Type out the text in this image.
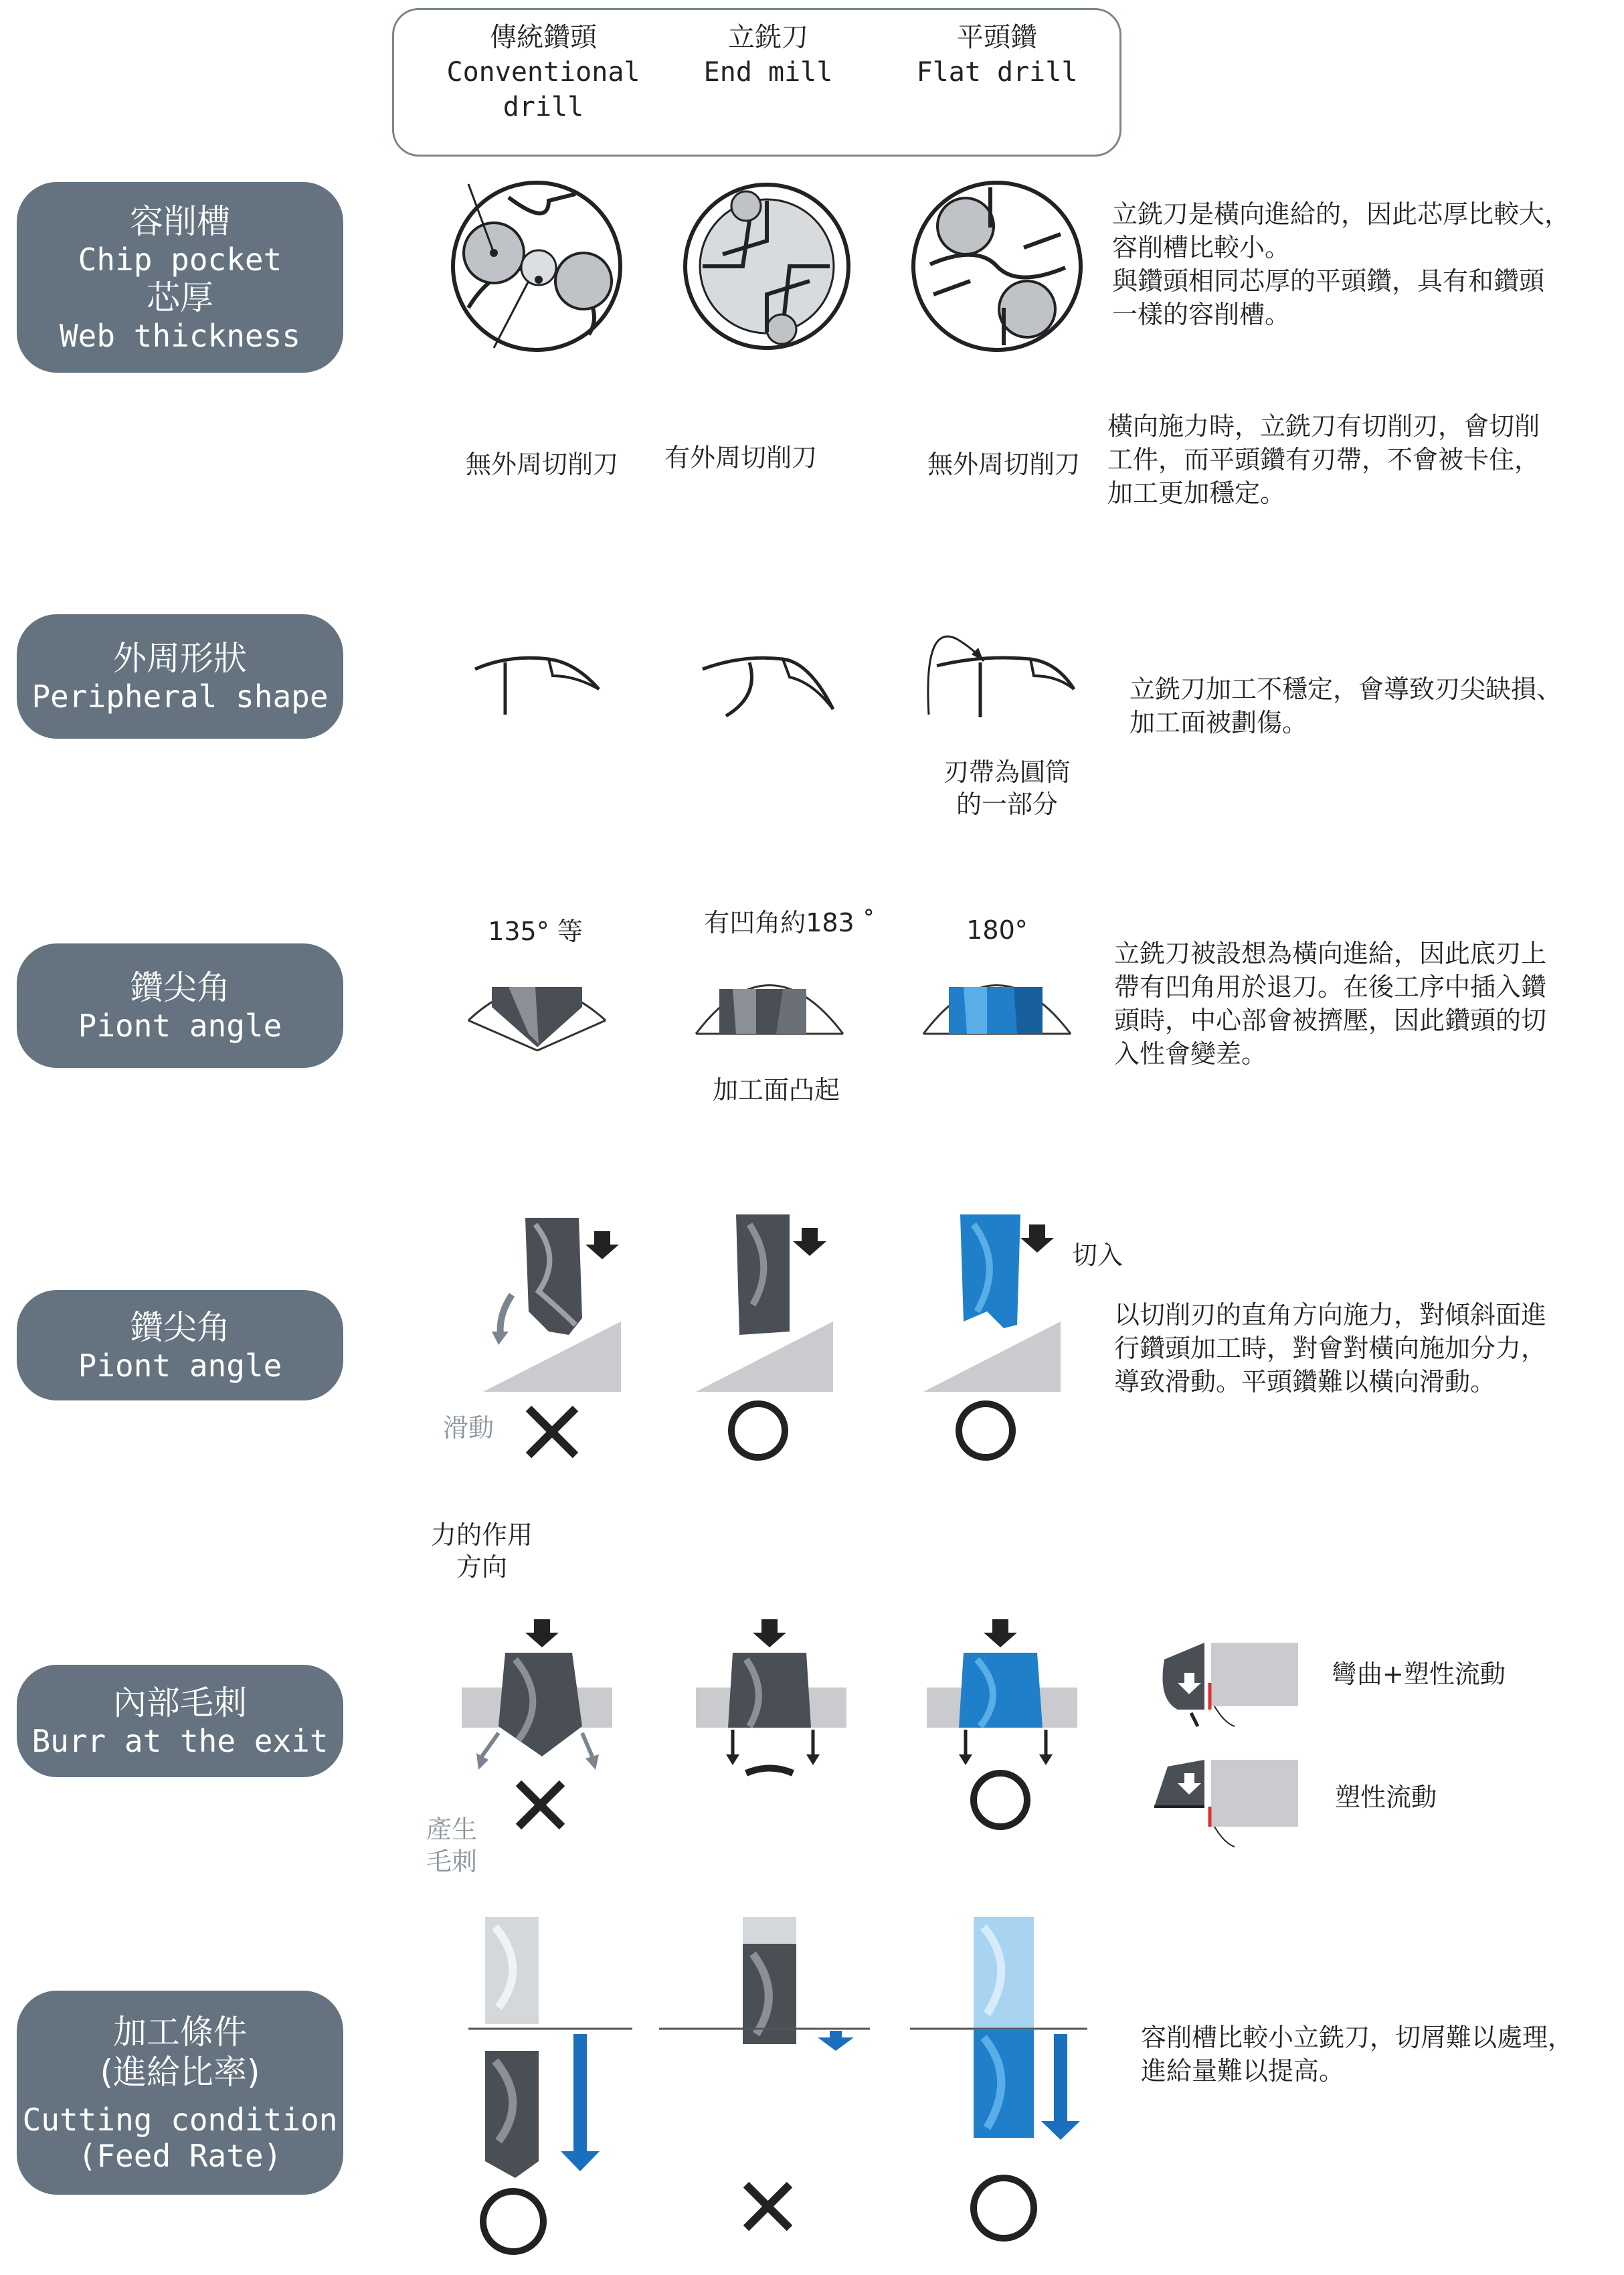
傳統鑽頭
Conventional
drill
立銑刀
End mill
平頭鑽
Flat drill
容削槽
Chip pocket
芯厚
Web thickness
立銑刀是橫向進給的，因此芯厚比較大，
容削槽比較小。
與鑽頭相同芯厚的平頭鑽，具有和鑽頭
一樣的容削槽。
無外周切削刀	有外周切削刀	無外周切削刀
橫向施力時，立銑刀有切削刃，會切削
工件，而平頭鑽有刃帶，不會被卡住，
加工更加穩定。
外周形狀
Peripheral shape
刃帶為圓筒
的一部分
立銑刀加工不穩定，會導致刃尖缺損、
加工面被劃傷。
鑽尖角
Piont angle
135° 等	有凹角約183 ˚	180°
加工面凸起
立銑刀被設想為橫向進給，因此底刃上
帶有凹角用於退刀。在後工序中插入鑽
頭時，中心部會被擠壓，因此鑽頭的切
入性會變差。
鑽尖角
Piont angle
滑動
切入
以切削刃的直角方向施力，對傾斜面進
行鑽頭加工時，對會對橫向施加分力，
導致滑動。平頭鑽難以橫向滑動。
力的作用
方向
內部毛刺
Burr at the exit
產生
毛刺
彎曲+塑性流動
塑性流動
加工條件
(進給比率)
Cutting condition
(Feed Rate)
容削槽比較小立銑刀，切屑難以處理，
進給量難以提高。
